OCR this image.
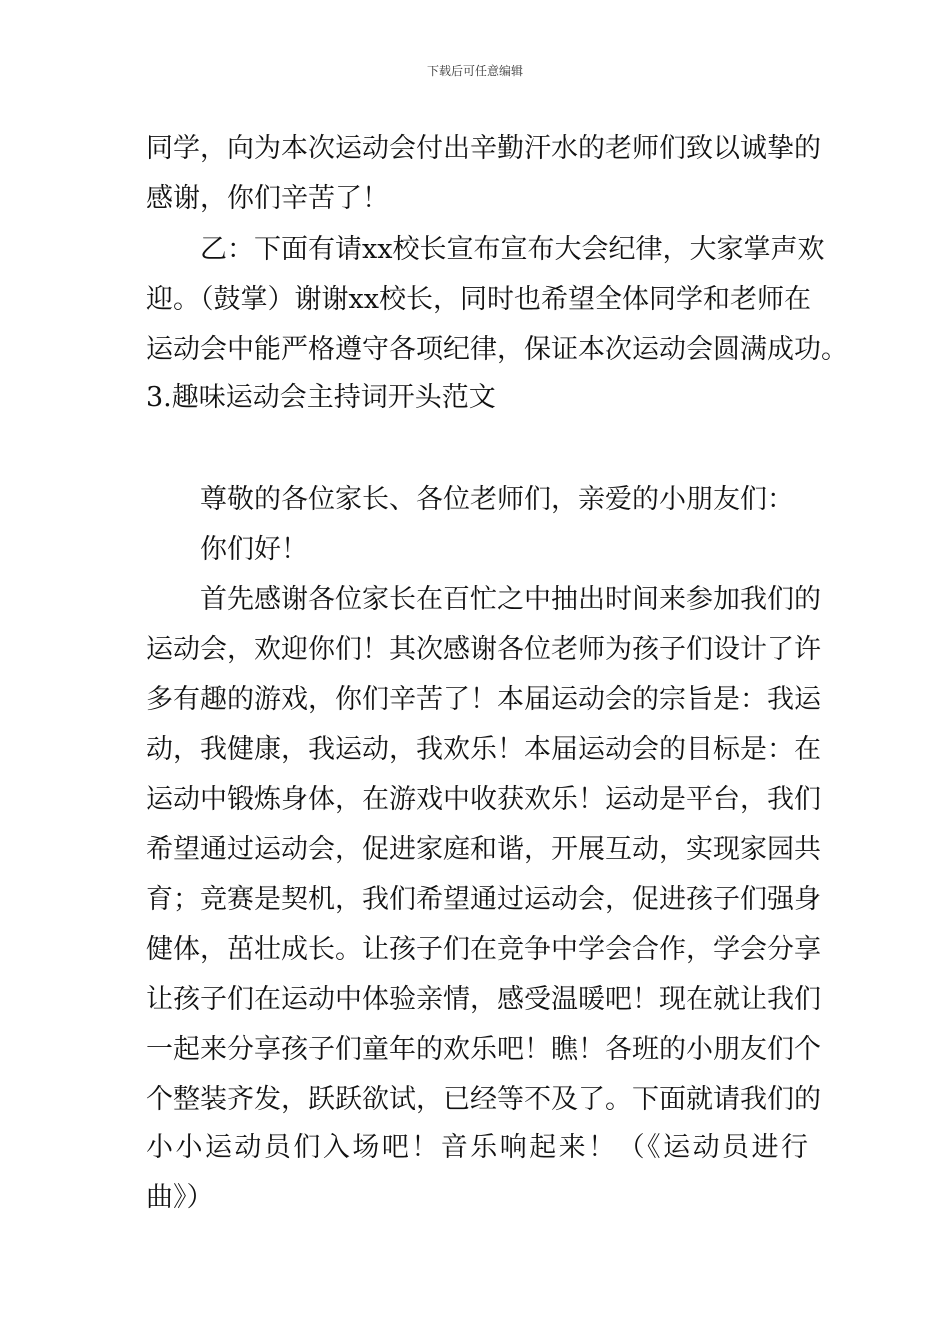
下载后可任意编辑
同学，向为本次运动会付出辛勤汗水的老师们致以诚挚的
感谢，你们辛苦了！
乙：下面有请xx校长宣布宣布大会纪律，大家掌声欢
迎。（鼓掌）谢谢xx校长，同时也希望全体同学和老师在
运动会中能严格遵守各项纪律，保证本次运动会圆满成功。
3.趣味运动会主持词开头范文
尊敬的各位家长、各位老师们，亲爱的小朋友们：
你们好！
首先感谢各位家长在百忙之中抽出时间来参加我们的
运动会，欢迎你们！其次感谢各位老师为孩子们设计了许
多有趣的游戏，你们辛苦了！本届运动会的宗旨是：我运
动，我健康，我运动，我欢乐！本届运动会的目标是：在
运动中锻炼身体，在游戏中收获欢乐！运动是平台，我们
希望通过运动会，促进家庭和谐，开展互动，实现家园共
育；竞赛是契机，我们希望通过运动会，促进孩子们强身
健体，茁壮成长。让孩子们在竞争中学会合作，学会分享
让孩子们在运动中体验亲情，感受温暖吧！现在就让我们
一起来分享孩子们童年的欢乐吧！瞧！各班的小朋友们个
个整装齐发，跃跃欲试，已经等不及了。下面就请我们的
小小运动员们入场吧！音乐响起来！（《运动员进行
曲》）
